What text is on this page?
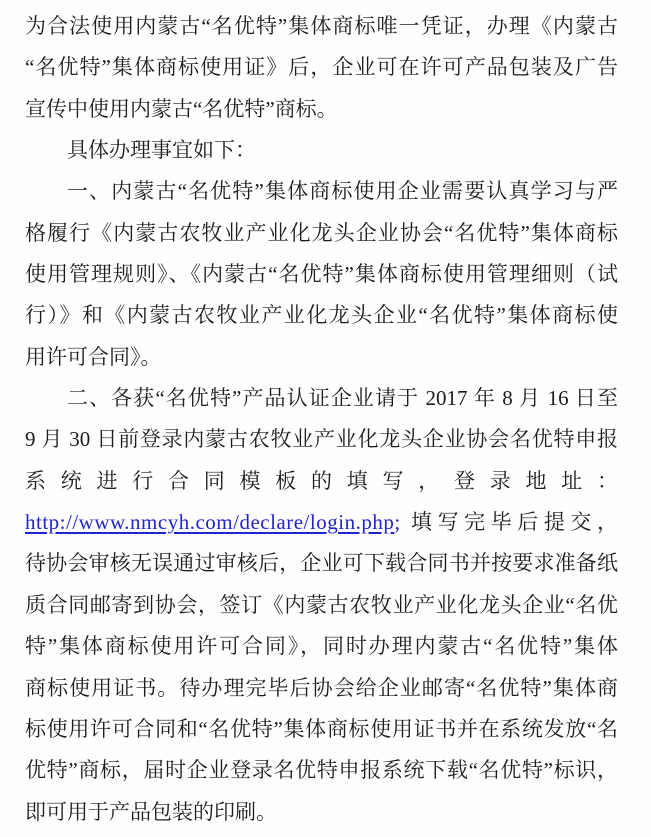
为合法使用内蒙古“名优特”集体商标唯一凭证，办理《内蒙古
“名优特”集体商标使用证》后，企业可在许可产品包装及广告
宣传中使用内蒙古“名优特”商标。
具体办理事宜如下：
一、内蒙古“名优特”集体商标使用企业需要认真学习与严
格履行《内蒙古农牧业产业化龙头企业协会“名优特”集体商标
使用管理规则》、《内蒙古“名优特”集体商标使用管理细则（试
行）》和《内蒙古农牧业产业化龙头企业“名优特”集体商标使
用许可合同》。
二、各获“名优特”产品认证企业请于 2017 年 8 月 16 日至
9 月 30 日前登录内蒙古农牧业产业化龙头企业协会名优特申报
系统进行合同模板的填写，登录地址：
http://www.nmcyh.com/declare/login.php; 填写完毕后提交，
待协会审核无误通过审核后，企业可下载合同书并按要求准备纸
质合同邮寄到协会，签订《内蒙古农牧业产业化龙头企业“名优
特”集体商标使用许可合同》，同时办理内蒙古“名优特”集体
商标使用证书。待办理完毕后协会给企业邮寄“名优特”集体商
标使用许可合同和“名优特”集体商标使用证书并在系统发放“名
优特”商标，届时企业登录名优特申报系统下载“名优特”标识，
即可用于产品包装的印刷。
